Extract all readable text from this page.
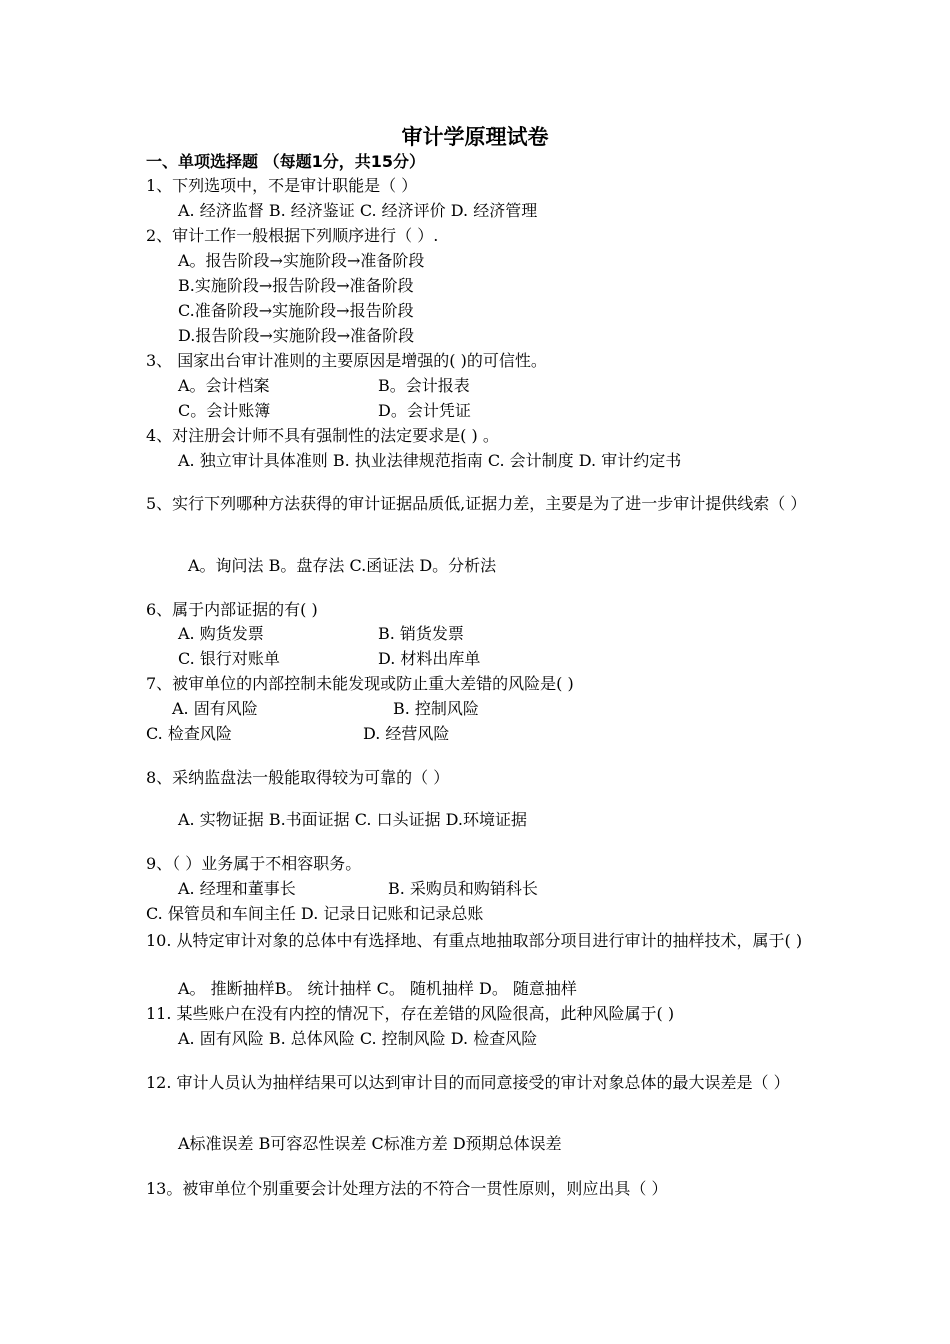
审计学原理试卷
一、单项选择题 （每题1分，共15分）
1、下列选项中，不是审计职能是（ ）
A. 经济监督 B. 经济鉴证 C. 经济评价 D. 经济管理
2、审计工作一般根据下列顺序进行（ ）.
A。报告阶段→实施阶段→准备阶段
B.实施阶段→报告阶段→准备阶段
C.准备阶段→实施阶段→报告阶段
D.报告阶段→实施阶段→准备阶段
3、 国家出台审计准则的主要原因是增强的( )的可信性。
A。会计档案	B。会计报表
C。会计账簿	D。会计凭证
4、对注册会计师不具有强制性的法定要求是( ) 。
A. 独立审计具体准则 B. 执业法律规范指南 C. 会计制度 D. 审计约定书
5、实行下列哪种方法获得的审计证据品质低,证据力差，主要是为了进一步审计提供线索（ ）
A。询问法 B。盘存法 C.函证法 D。分析法
6、属于内部证据的有( )
A. 购货发票	B. 销货发票
C. 银行对账单	D. 材料出库单
7、被审单位的内部控制未能发现或防止重大差错的风险是( )
A. 固有风险	B. 控制风险
C. 检查风险	D. 经营风险
8、采纳监盘法一般能取得较为可靠的（ ）
A. 实物证据 B.书面证据 C. 口头证据 D.环境证据
9、（ ）业务属于不相容职务。
A. 经理和董事长	B. 采购员和购销科长
C. 保管员和车间主任 D. 记录日记账和记录总账
10. 从特定审计对象的总体中有选择地、有重点地抽取部分项目进行审计的抽样技术，属于( )
A。 推断抽样B。 统计抽样 C。 随机抽样 D。 随意抽样
11. 某些账户在没有内控的情况下，存在差错的风险很高，此种风险属于( )
A. 固有风险 B. 总体风险 C. 控制风险 D. 检查风险
12. 审计人员认为抽样结果可以达到审计目的而同意接受的审计对象总体的最大误差是（ ）
A标准误差 B可容忍性误差 C标准方差 D预期总体误差
13。被审单位个别重要会计处理方法的不符合一贯性原则，则应出具（ ）
